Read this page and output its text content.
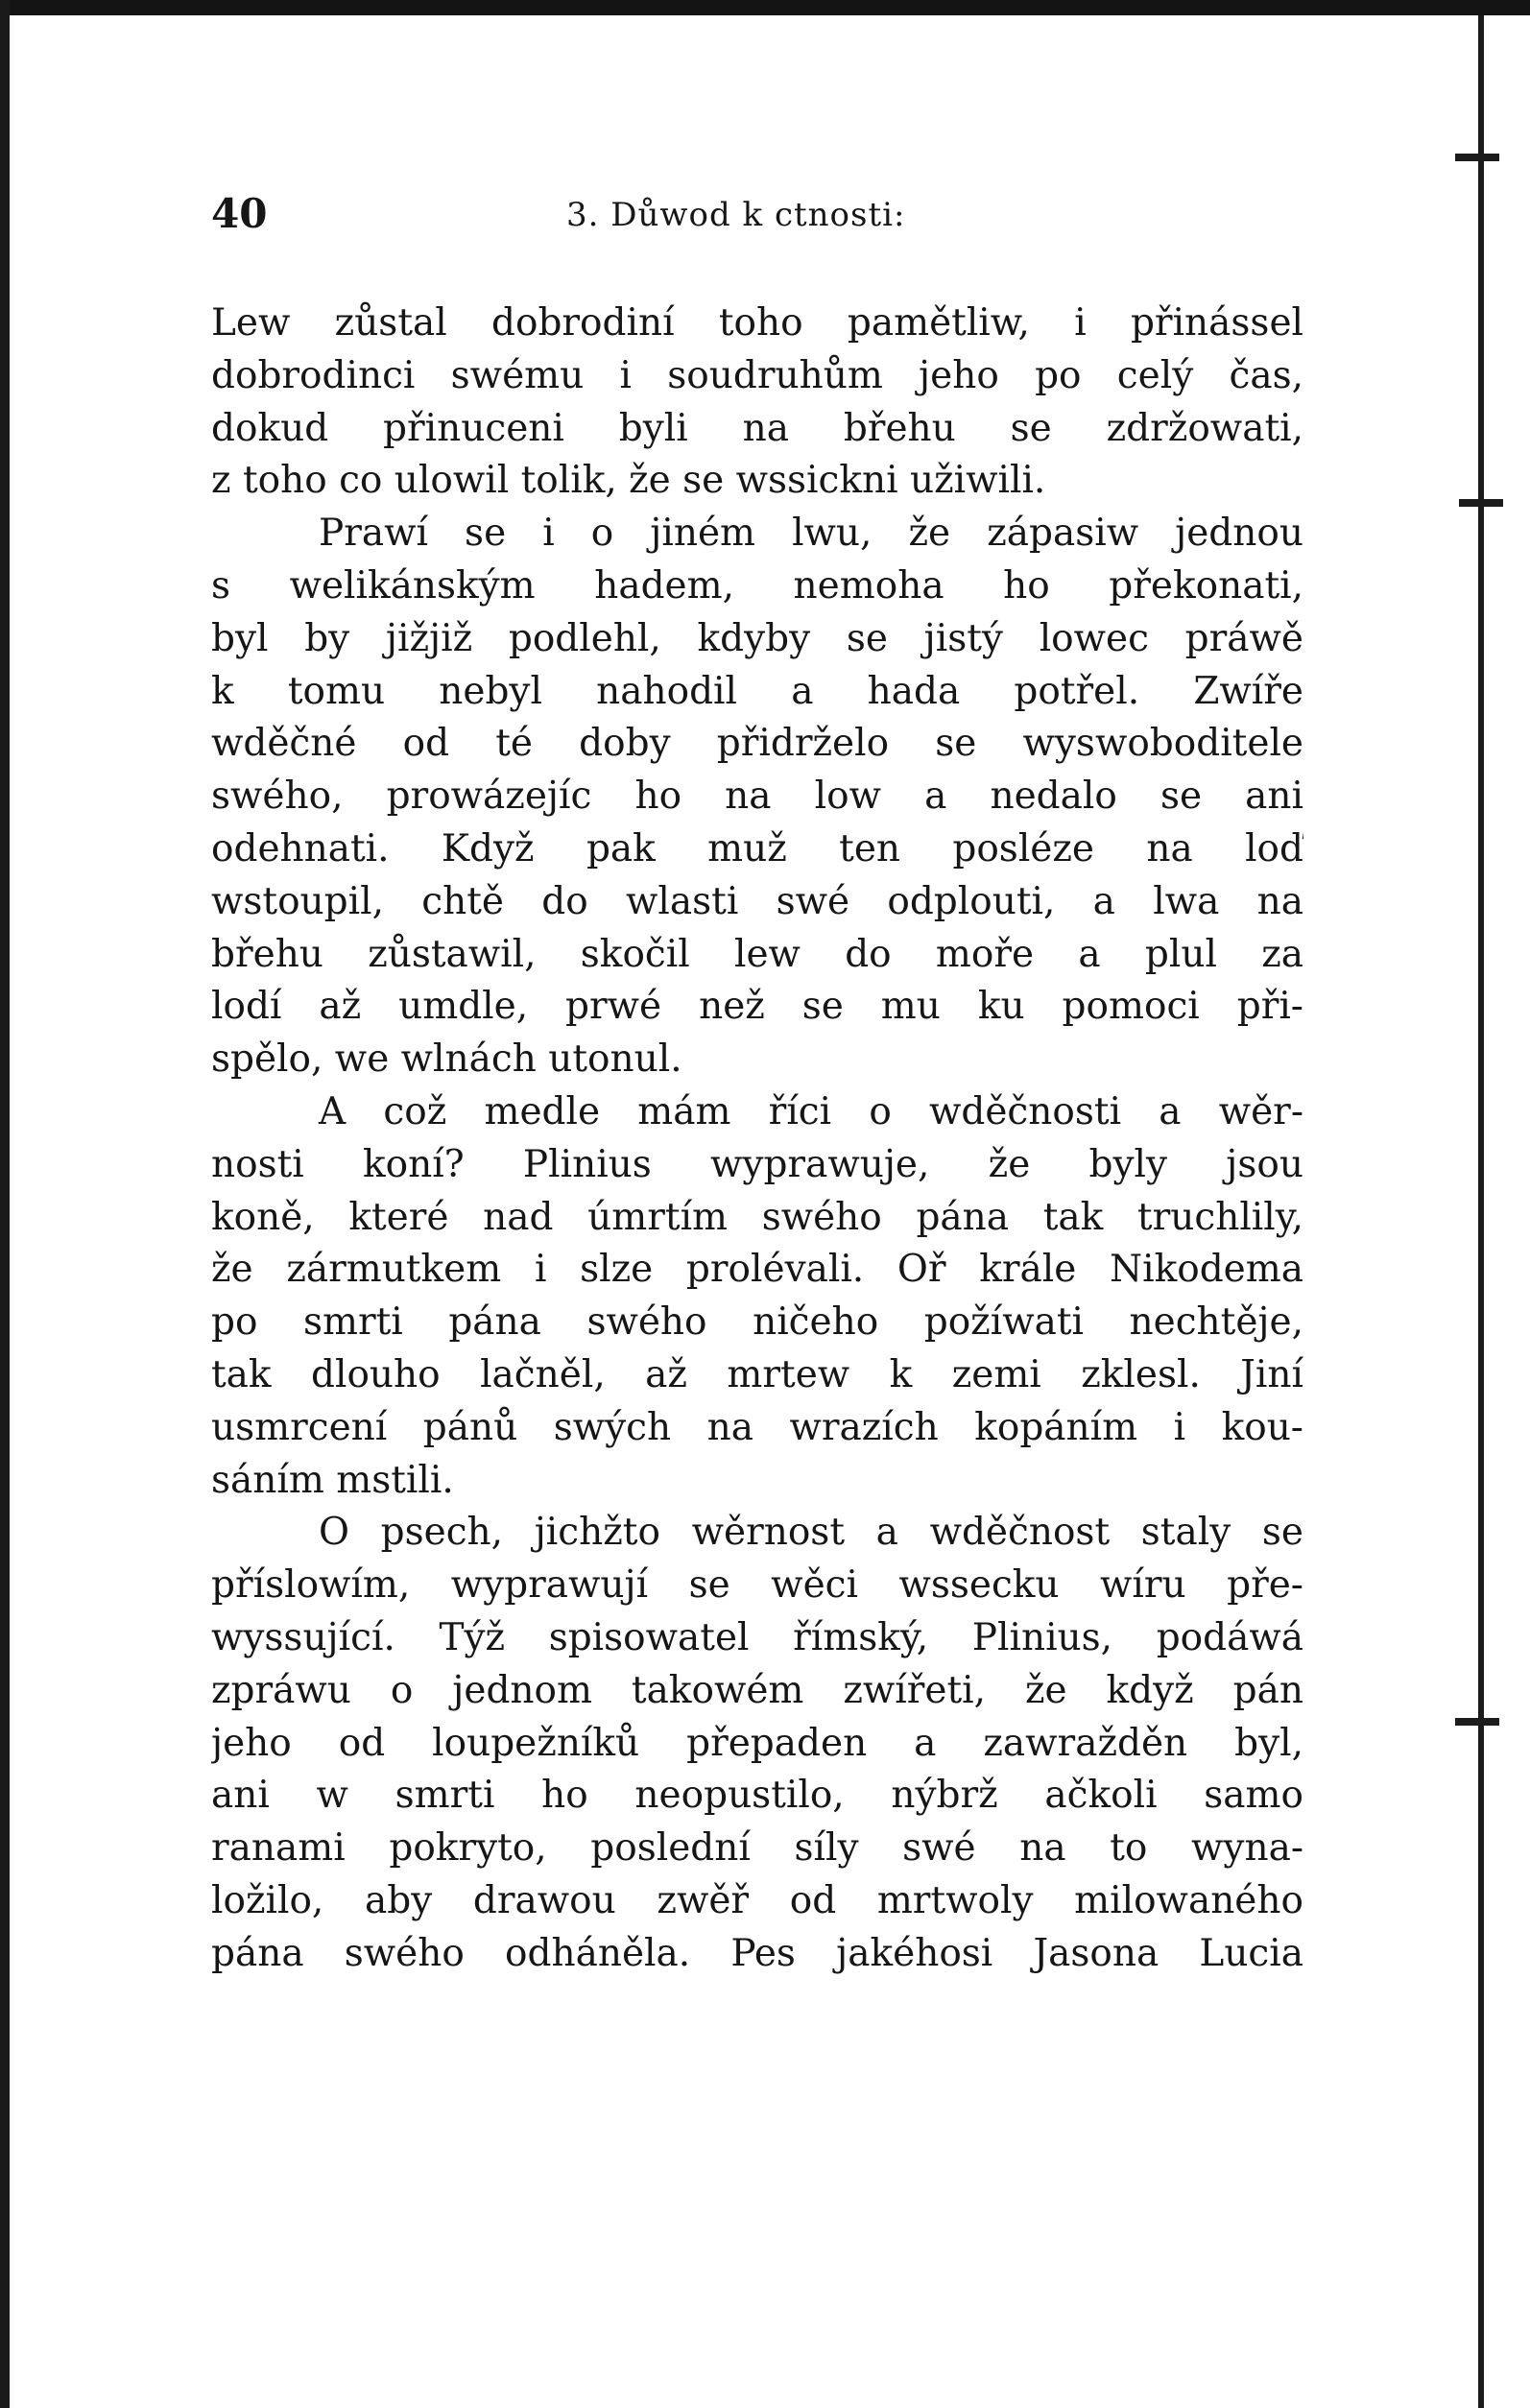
40	3. Důwod k ctnosti:
Lew zůstal dobrodiní toho pamětliw, i přinássel
dobrodinci swému i soudruhům jeho po celý čas,
dokud přinuceni byli na břehu se zdržowati,
z toho co ulowil tolik, že se wssickni užiwili.
Prawí se i o jiném lwu, že zápasiw jednou
s welikánským hadem, nemoha ho překonati,
byl by jižjiž podlehl, kdyby se jistý lowec práwě
k tomu nebyl nahodil a hada potřel. Zwíře
wděčné od té doby přidrželo se wyswoboditele
swého, prowázejíc ho na low a nedalo se ani
odehnati. Když pak muž ten posléze na loď
wstoupil, chtě do wlasti swé odplouti, a lwa na
břehu zůstawil, skočil lew do moře a plul za
lodí až umdle, prwé než se mu ku pomoci při-
spělo, we wlnách utonul.
A což medle mám říci o wděčnosti a wěr-
nosti koní? Plinius wyprawuje, že byly jsou
koně, které nad úmrtím swého pána tak truchlily,
že zármutkem i slze prolévali. Oř krále Nikodema
po smrti pána swého ničeho požíwati nechtěje,
tak dlouho lačněl, až mrtew k zemi zklesl. Jiní
usmrcení pánů swých na wrazích kopáním i kou-
sáním mstili.
O psech, jichžto wěrnost a wděčnost staly se
příslowím, wyprawují se wěci wssecku wíru pře-
wyssující. Týž spisowatel římský, Plinius, podáwá
zpráwu o jednom takowém zwířeti, že když pán
jeho od loupežníků přepaden a zawražděn byl,
ani w smrti ho neopustilo, nýbrž ačkoli samo
ranami pokryto, poslední síly swé na to wyna-
ložilo, aby drawou zwěř od mrtwoly milowaného
pána swého odháněla. Pes jakéhosi Jasona Lucia
